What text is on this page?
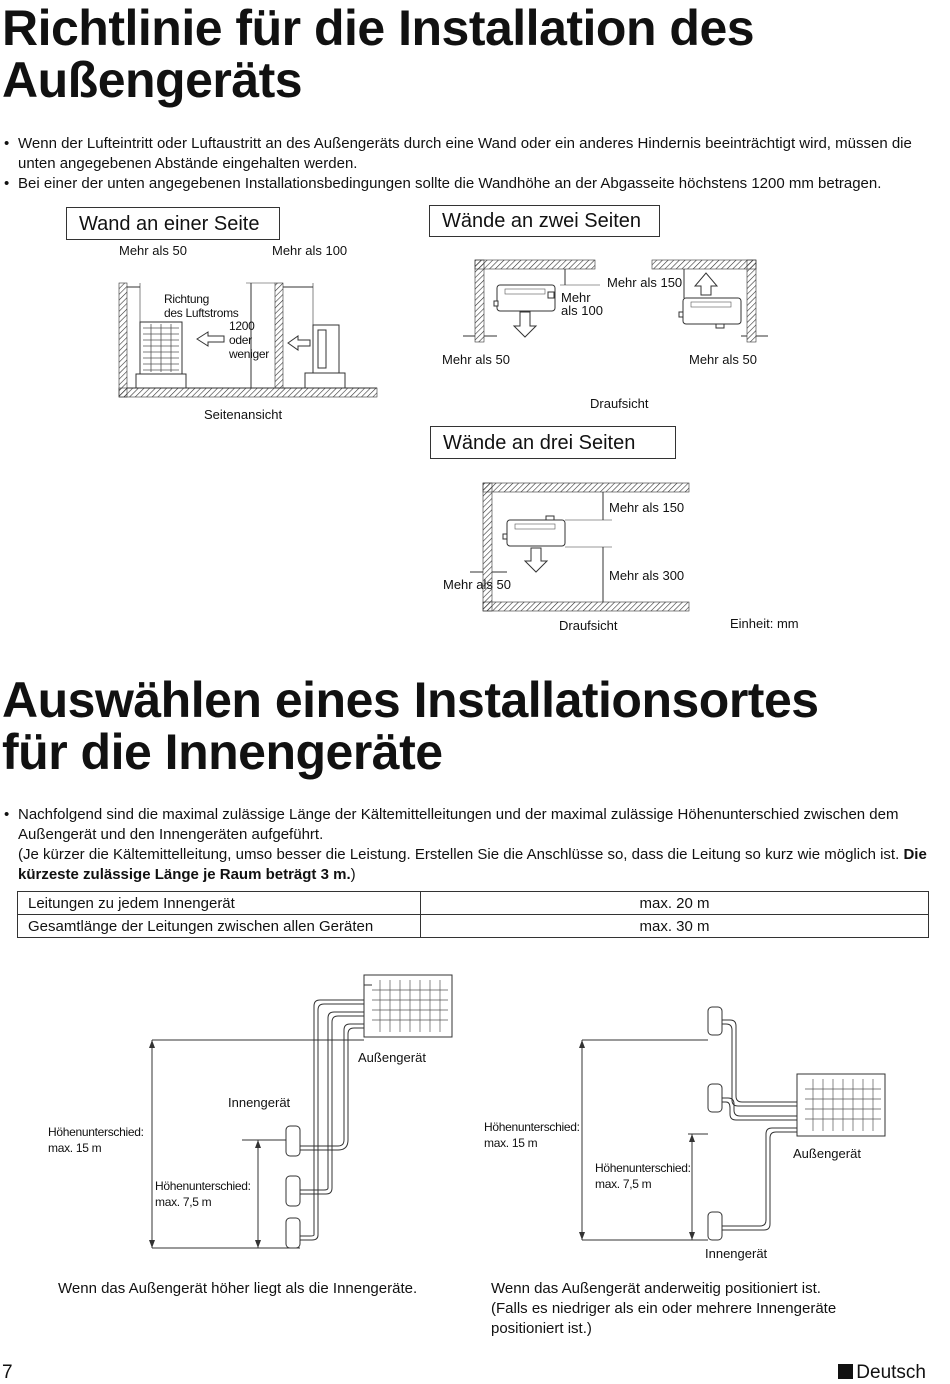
Richtlinie für die Installation des
Außengeräts
• Wenn der Lufteintritt oder Luftaustritt an des Außengeräts durch eine Wand oder ein anderes Hindernis beeinträchtigt wird, müssen die unten angegebenen Abstände eingehalten werden.
• Bei einer der unten angegebenen Installationsbedingungen sollte die Wandhöhe an der Abgasseite höchstens 1200 mm betragen.
Wand an einer Seite	Wände an zwei Seiten
Wände an drei Seiten
Mehr als 50	Mehr als 100
Richtung
des Luftstroms
1200
oder
weniger
Seitenansicht
Mehr
als 100
Mehr als 150
Mehr als 50	Mehr als 50
Draufsicht
Mehr als 150
Mehr als 50
Mehr als 300
Draufsicht	Einheit: mm
Auswählen eines Installationsortes
für die Innengeräte
• Nachfolgend sind die maximal zulässige Länge der Kältemittelleitungen und der maximal zulässige Höhenunterschied zwischen dem Außengerät und den Innengeräten aufgeführt.
(Je kürzer die Kältemittelleitung, umso besser die Leistung. Erstellen Sie die Anschlüsse so, dass die Leitung so kurz wie möglich ist. Die kürzeste zulässige Länge je Raum beträgt 3 m.)
Leitungen zu jedem Innengerät	max. 20 m
Gesamtlänge der Leitungen zwischen allen Geräten	max. 30 m
Außengerät
Innengerät
Höhenunterschied:
max. 15 m
Höhenunterschied:
max. 7,5 m
Wenn das Außengerät höher liegt als die Innengeräte.
Außengerät
Innengerät
Höhenunterschied:
max. 15 m
Höhenunterschied:
max. 7,5 m
Wenn das Außengerät anderweitig positioniert ist.
(Falls es niedriger als ein oder mehrere Innengeräte
positioniert ist.)
7	Deutsch
